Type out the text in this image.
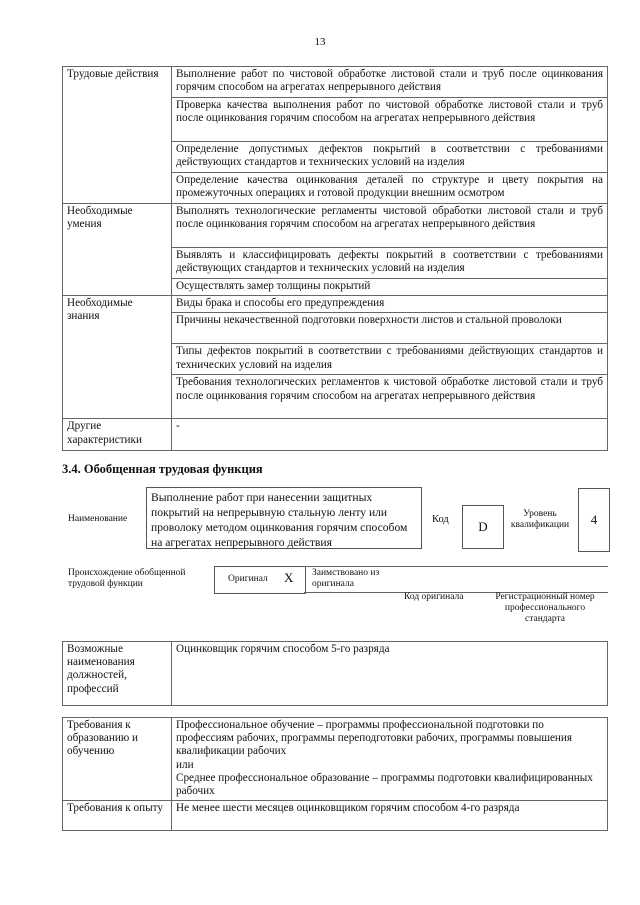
13
Трудовые действия	Выполнение работ по чистовой обработке листовой стали и труб после оцинкования горячим способом на агрегатах непрерывного действия
	Проверка качества выполнения работ по чистовой обработке листовой стали и труб после оцинкования горячим способом на агрегатах непрерывного действия
	Определение допустимых дефектов покрытий в соответствии с требованиями действующих стандартов и технических условий на изделия
	Определение качества оцинкования деталей по структуре и цвету покрытия на промежуточных операциях и готовой продукции внешним осмотром
Необходимые умения	Выполнять технологические регламенты чистовой обработки листовой стали и труб после оцинкования горячим способом на агрегатах непрерывного действия
	Выявлять и классифицировать дефекты покрытий в соответствии с требованиями действующих стандартов и технических условий на изделия
	Осуществлять замер толщины покрытий
Необходимые знания	Виды брака и способы его предупреждения
	Причины некачественной подготовки поверхности листов и стальной проволоки
	Типы дефектов покрытий в соответствии с требованиями действующих стандартов и технических условий на изделия
	Требования технологических регламентов к чистовой обработке листовой стали и труб после оцинкования горячим способом на агрегатах непрерывного действия
Другие характеристики	-
3.4. Обобщенная трудовая функция
Наименование
Выполнение работ при нанесении защитных покрытий на непрерывную стальную ленту или проволоку методом оцинкования горячим способом на агрегатах непрерывного действия
Код	D
Уровень квалификации	4
Происхождение обобщенной трудовой функции	Оригинал X Заимствовано из оригинала
Код оригинала	Регистрационный номер профессионального стандарта
Возможные наименования должностей, профессий	Оцинковщик горячим способом 5-го разряда
Требования к образованию и обучению	Профессиональное обучение – программы профессиональной подготовки по профессиям рабочих, программы переподготовки рабочих, программы повышения квалификации рабочих
или
Среднее профессиональное образование – программы подготовки квалифицированных рабочих

Требования к опыту	Не менее шести месяцев оцинковщиком горячим способом 4-го разряда
